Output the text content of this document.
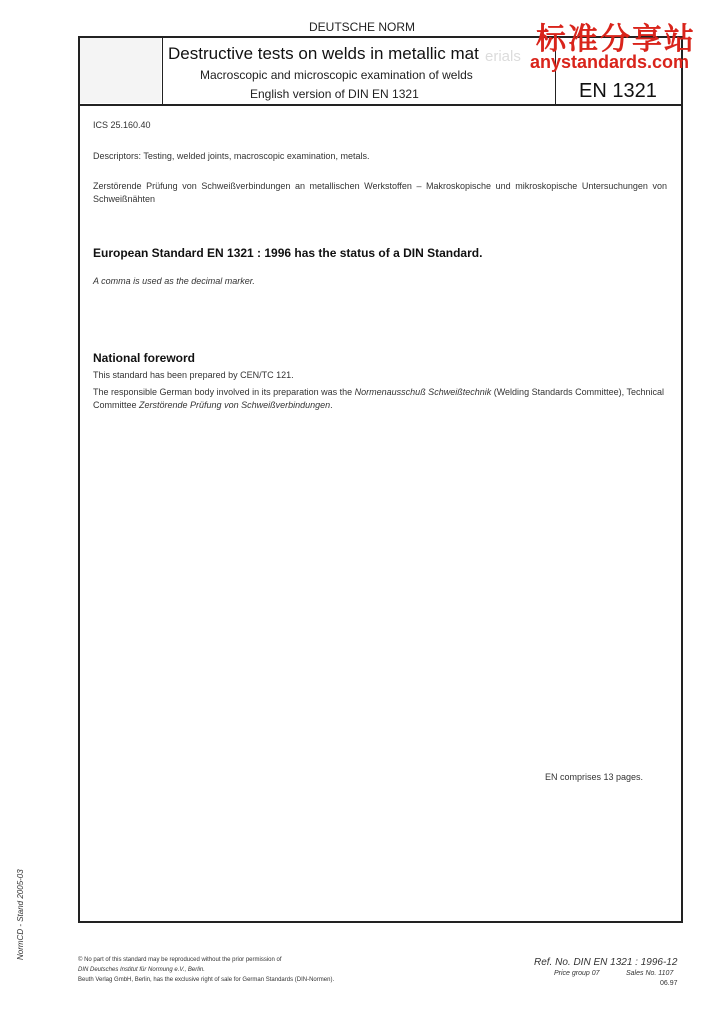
DEUTSCHE NORM
erials
Destructive tests on welds in metallic mat
Macroscopic and microscopic examination of welds
English version of DIN EN 1321	EN 1321
标准分享站
anystandards.com
ICS 25.160.40
Descriptors: Testing, welded joints, macroscopic examination, metals.
Zerstörende Prüfung von Schweißverbindungen an metallischen Werkstoffen – Makroskopische und mikroskopische Untersuchungen von Schweißnähten
European Standard EN 1321 : 1996 has the status of a DIN Standard.
A comma is used as the decimal marker.
National foreword
This standard has been prepared by CEN/TC 121.
The responsible German body involved in its preparation was the Normenausschuß Schweißtechnik (Welding Standards Committee), Technical Committee Zerstörende Prüfung von Schweißverbindungen.
EN comprises 13 pages.
© No part of this standard may be reproduced without the prior permission of
DIN Deutsches Institut für Normung e.V., Berlin.
Beuth Verlag GmbH, Berlin, has the exclusive right of sale for German Standards (DIN-Normen).
Ref. No. DIN EN 1321 : 1996-12
Price group 07	Sales No. 1107
06.97
NormCD - Stand 2005-03
